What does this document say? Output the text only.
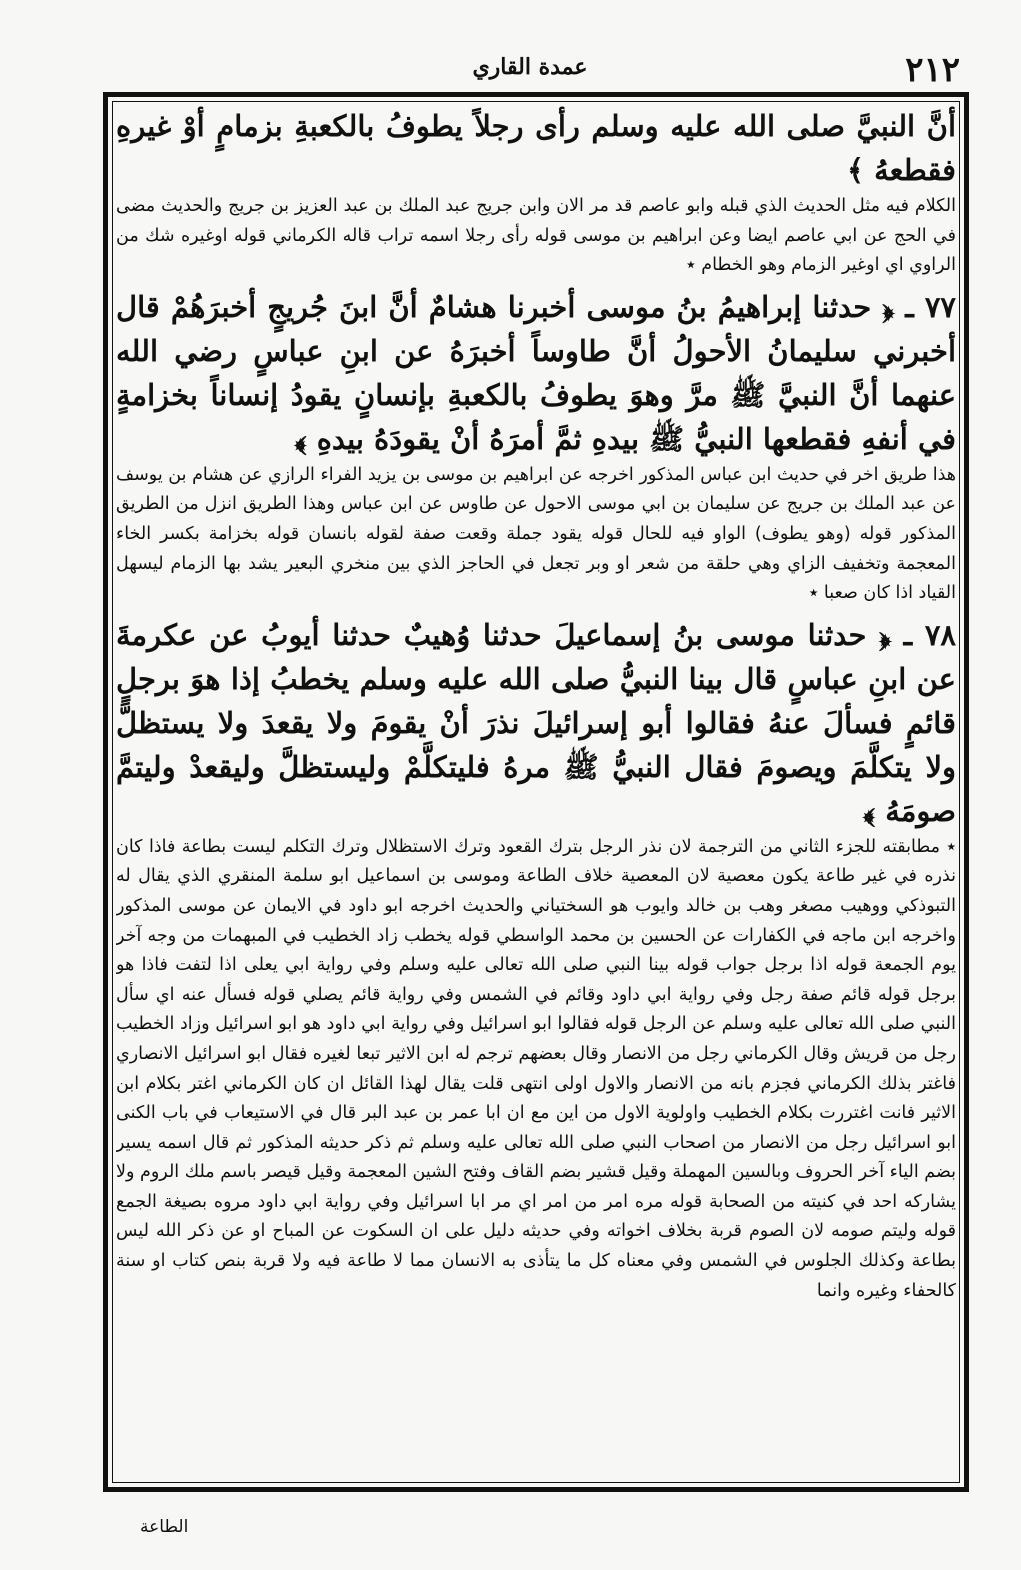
٢١٢
عمدة القاري

أنَّ النبيَّ صلى الله عليه وسلم رأى رجلاً يطوفُ بالكعبةِ بزمامٍ أوْ غيرهِ فقطعهُ ﴾

الكلام فيه مثل الحديث الذي قبله وابو عاصم قد مر الان وابن جريج عبد الملك بن عبد العزيز بن جريج والحديث مضى في الحج عن ابي عاصم ايضا وعن ابراهيم بن موسى قوله رأى رجلا اسمه تراب قاله الكرماني قوله اوغيره شك من الراوي اي اوغير الزمام وهو الخطام ٭

٧٧ ـ ﴿ حدثنا إبراهيمُ بنُ موسى أخبرنا هشامٌ أنَّ ابنَ جُريجٍ أخبرَهُمْ قال أخبرني سليمانُ الأحولُ أنَّ طاوساً أخبرَهُ عن ابنِ عباسٍ رضي الله عنهما أنَّ النبيَّ ﷺ مرَّ وهوَ يطوفُ بالكعبةِ بإنسانٍ يقودُ إنساناً بخزامةٍ في أنفهِ فقطعها النبيُّ ﷺ بيدهِ ثمَّ أمرَهُ أنْ يقودَهُ بيدهِ ﴾

هذا طريق اخر في حديث ابن عباس المذكور اخرجه عن ابراهيم بن موسى بن يزيد الفراء الرازي عن هشام بن يوسف عن عبد الملك بن جريج عن سليمان بن ابي موسى الاحول عن طاوس عن ابن عباس وهذا الطريق انزل من الطريق المذكور قوله (وهو يطوف) الواو فيه للحال قوله يقود جملة وقعت صفة لقوله بانسان قوله بخزامة بكسر الخاء المعجمة وتخفيف الزاي وهي حلقة من شعر او وبر تجعل في الحاجز الذي بين منخري البعير يشد بها الزمام ليسهل القياد اذا كان صعبا ٭

٧٨ ـ ﴿ حدثنا موسى بنُ إسماعيلَ حدثنا وُهيبٌ حدثنا أيوبُ عن عكرمةَ عن ابنِ عباسٍ قال بينا النبيُّ صلى الله عليه وسلم يخطبُ إذا هوَ برجلٍ قائمٍ فسألَ عنهُ فقالوا أبو إسرائيلَ نذرَ أنْ يقومَ ولا يقعدَ ولا يستظلَّ ولا يتكلَّمَ ويصومَ فقال النبيُّ ﷺ مرهُ فليتكلَّمْ وليستظلَّ وليقعدْ وليتمَّ صومَهُ ﴾

٭ مطابقته للجزء الثاني من الترجمة لان نذر الرجل بترك القعود وترك الاستظلال وترك التكلم ليست بطاعة فاذا كان نذره في غير طاعة يكون معصية لان المعصية خلاف الطاعة وموسى بن اسماعيل ابو سلمة المنقري الذي يقال له التبوذكي ووهيب مصغر وهب بن خالد وايوب هو السختياني والحديث اخرجه ابو داود في الايمان عن موسى المذكور واخرجه ابن ماجه في الكفارات عن الحسين بن محمد الواسطي قوله يخطب زاد الخطيب في المبهمات من وجه آخر يوم الجمعة قوله اذا برجل جواب قوله بينا النبي صلى الله تعالى عليه وسلم وفي رواية ابي يعلى اذا لتفت فاذا هو برجل قوله قائم صفة رجل وفي رواية ابي داود وقائم في الشمس وفي رواية قائم يصلي قوله فسأل عنه اي سأل النبي صلى الله تعالى عليه وسلم عن الرجل قوله فقالوا ابو اسرائيل وفي رواية ابي داود هو ابو اسرائيل وزاد الخطيب رجل من قريش وقال الكرماني رجل من الانصار وقال بعضهم ترجم له ابن الاثير تبعا لغيره فقال ابو اسرائيل الانصاري فاغتر بذلك الكرماني فجزم بانه من الانصار والاول اولى انتهى قلت يقال لهذا القائل ان كان الكرماني اغتر بكلام ابن الاثير فانت اغتررت بكلام الخطيب واولوية الاول من اين مع ان ابا عمر بن عبد البر قال في الاستيعاب في باب الكنى ابو اسرائيل رجل من الانصار من اصحاب النبي صلى الله تعالى عليه وسلم ثم ذكر حديثه المذكور ثم قال اسمه يسير بضم الياء آخر الحروف وبالسين المهملة وقيل قشير بضم القاف وفتح الشين المعجمة وقيل قيصر باسم ملك الروم ولا يشاركه احد في كنيته من الصحابة قوله مره امر من امر اي مر ابا اسرائيل وفي رواية ابي داود مروه بصيغة الجمع قوله وليتم صومه لان الصوم قربة بخلاف اخواته وفي حديثه دليل على ان السكوت عن المباح او عن ذكر الله ليس بطاعة وكذلك الجلوس في الشمس وفي معناه كل ما يتأذى به الانسان مما لا طاعة فيه ولا قربة بنص كتاب او سنة كالحفاء وغيره وانما

الطاعة
